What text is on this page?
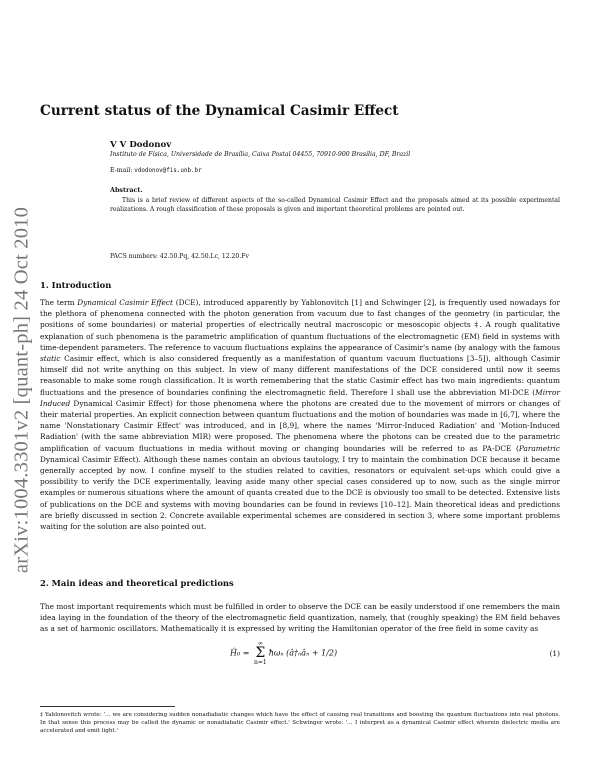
arXiv:1004.3301v2 [quant-ph] 24 Oct 2010
Current status of the Dynamical Casimir Effect

V V Dodonov

Instituto de Física, Universidade de Brasília, Caixa Postal 04455, 70910-900 Brasília, DF, Brazil

E-mail: vdodonov@fis.unb.br

Abstract.

This is a brief review of different aspects of the so-called Dynamical Casimir Effect and the proposals aimed at its possible experimental realizations. A rough classification of these proposals is given and important theoretical problems are pointed out.

PACS numbers: 42.50.Pq, 42.50.Lc, 12.20.Fv

1. Introduction

The term Dynamical Casimir Effect (DCE), introduced apparently by Yablonovitch [1] and Schwinger [2], is frequently used nowadays for the plethora of phenomena connected with the photon generation from vacuum due to fast changes of the geometry (in particular, the positions of some boundaries) or material properties of electrically neutral macroscopic or mesoscopic objects ‡. A rough qualitative explanation of such phenomena is the parametric amplification of quantum fluctuations of the electromagnetic (EM) field in systems with time-dependent parameters. The reference to vacuum fluctuations explains the appearance of Casimir's name (by analogy with the famous static Casimir effect, which is also considered frequently as a manifestation of quantum vacuum fluctuations [3–5]), although Casimir himself did not write anything on this subject. In view of many different manifestations of the DCE considered until now it seems reasonable to make some rough classification. It is worth remembering that the static Casimir effect has two main ingredients: quantum fluctuations and the presence of boundaries confining the electromagnetic field. Therefore I shall use the abbreviation MI-DCE (Mirror Induced Dynamical Casimir Effect) for those phenomena where the photons are created due to the movement of mirrors or changes of their material properties. An explicit connection between quantum fluctuations and the motion of boundaries was made in [6,7], where the name 'Nonstationary Casimir Effect' was introduced, and in [8,9], where the names 'Mirror-Induced Radiation' and 'Motion-Induced Radiation' (with the same abbreviation MIR) were proposed. The phenomena where the photons can be created due to the parametric amplification of vacuum fluctuations in media without moving or changing boundaries will be referred to as PA-DCE (Parametric Dynamical Casimir Effect). Although these names contain an obvious tautology, I try to maintain the combination DCE because it became generally accepted by now. I confine myself to the studies related to cavities, resonators or equivalent set-ups which could give a possibility to verify the DCE experimentally, leaving aside many other special cases considered up to now, such as the single mirror examples or numerous situations where the amount of quanta created due to the DCE is obviously too small to be detected. Extensive lists of publications on the DCE and systems with moving boundaries can be found in reviews [10–12]. Main theoretical ideas and predictions are briefly discussed in section 2. Concrete available experimental schemes are considered in section 3, where some important problems waiting for the solution are also pointed out.

2. Main ideas and theoretical predictions

The most important requirements which must be fulfilled in order to observe the DCE can be easily understood if one remembers the main idea laying in the foundation of the theory of the electromagnetic field quantization, namely, that (roughly speaking) the EM field behaves as a set of harmonic oscillators. Mathematically it is expressed by writing the Hamiltonian operator of the free field in some cavity as

Ĥ₀ = ∞
Σ
n=1ħωₙ (â†ₙâₙ + 1/2)	(1)

‡ Yablonovitch wrote: '... we are considering sudden nonadiabatic changes which have the effect of causing real transitions and boosting the quantum fluctuations into real photons. In that sense this process may be called the dynamic or nonadiabatic Casimir effect.' Schwinger wrote: '... I interpret as a dynamical Casimir effect wherein dielectric media are accelerated and emit light.'
